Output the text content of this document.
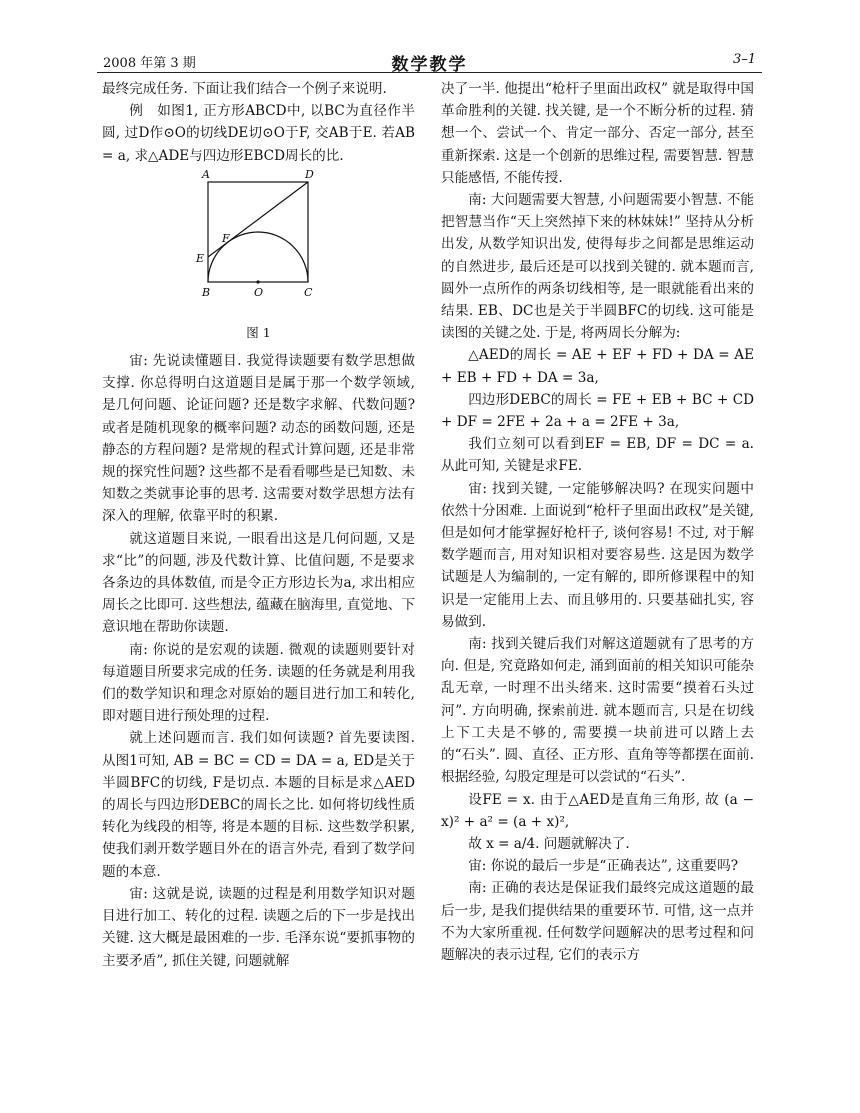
2008 年第 3 期	数学教学	3–1

最终完成任务. 下面让我们结合一个例子来说明.

例　如图1, 正方形ABCD中, 以BC为直径作半圆, 过D作⊙O的切线DE切⊙O于F, 交AB于E. 若AB = a, 求△ADE与四边形EBCD周长的比.

A	D
F
E
B	O	C
图 1

宙: 先说读懂题目. 我觉得读题要有数学思想做支撑. 你总得明白这道题目是属于那一个数学领域, 是几何问题、论证问题? 还是数字求解、代数问题? 或者是随机现象的概率问题? 动态的函数问题, 还是静态的方程问题? 是常规的程式计算问题, 还是非常规的探究性问题? 这些都不是看看哪些是已知数、未知数之类就事论事的思考. 这需要对数学思想方法有深入的理解, 依靠平时的积累.

就这道题目来说, 一眼看出这是几何问题, 又是求“比”的问题, 涉及代数计算、比值问题, 不是要求各条边的具体数值, 而是令正方形边长为a, 求出相应周长之比即可. 这些想法, 蕴藏在脑海里, 直觉地、下意识地在帮助你读题.

南: 你说的是宏观的读题. 微观的读题则要针对每道题目所要求完成的任务. 读题的任务就是利用我们的数学知识和理念对原始的题目进行加工和转化, 即对题目进行预处理的过程.

就上述问题而言. 我们如何读题? 首先要读图. 从图1可知, AB = BC = CD = DA = a, ED是关于半圆BFC的切线, F是切点. 本题的目标是求△AED的周长与四边形DEBC的周长之比. 如何将切线性质转化为线段的相等, 将是本题的目标. 这些数学积累, 使我们剥开数学题目外在的语言外壳, 看到了数学问题的本意.

宙: 这就是说, 读题的过程是利用数学知识对题目进行加工、转化的过程. 读题之后的下一步是找出关键. 这大概是最困难的一步. 毛泽东说“要抓事物的主要矛盾”, 抓住关键, 问题就解

决了一半. 他提出“枪杆子里面出政权” 就是取得中国革命胜利的关键. 找关键, 是一个不断分析的过程. 猜想一个、尝试一个、肯定一部分、否定一部分, 甚至重新探索. 这是一个创新的思维过程, 需要智慧. 智慧只能感悟, 不能传授.

南: 大问题需要大智慧, 小问题需要小智慧. 不能把智慧当作“天上突然掉下来的林妹妹!” 坚持从分析出发, 从数学知识出发, 使得每步之间都是思维运动的自然进步, 最后还是可以找到关键的. 就本题而言, 圆外一点所作的两条切线相等, 是一眼就能看出来的结果. EB、DC也是关于半圆BFC的切线. 这可能是读图的关键之处. 于是, 将两周长分解为:

△AED的周长 = AE + EF + FD + DA = AE + EB + FD + DA = 3a,

四边形DEBC的周长 = FE + EB + BC + CD + DF = 2FE + 2a + a = 2FE + 3a,

我们立刻可以看到EF = EB, DF = DC = a. 从此可知, 关键是求FE.

宙: 找到关键, 一定能够解决吗? 在现实问题中依然十分困难. 上面说到“枪杆子里面出政权”是关键, 但是如何才能掌握好枪杆子, 谈何容易! 不过, 对于解数学题而言, 用对知识相对要容易些. 这是因为数学试题是人为编制的, 一定有解的, 即所修课程中的知识是一定能用上去、而且够用的. 只要基础扎实, 容易做到.

南: 找到关键后我们对解这道题就有了思考的方向. 但是, 究竟路如何走, 涌到面前的相关知识可能杂乱无章, 一时理不出头绪来. 这时需要“摸着石头过河”. 方向明确, 探索前进. 就本题而言, 只是在切线上下工夫是不够的, 需要摸一块前进可以踏上去的“石头”. 圆、直径、正方形、直角等等都摆在面前. 根据经验, 勾股定理是可以尝试的“石头”.

设FE = x. 由于△AED是直角三角形, 故 (a − x)² + a² = (a + x)²,

故 x = a/4. 问题就解决了.

宙: 你说的最后一步是“正确表达”, 这重要吗?

南: 正确的表达是保证我们最终完成这道题的最后一步, 是我们提供结果的重要环节. 可惜, 这一点并不为大家所重视. 任何数学问题解决的思考过程和问题解决的表示过程, 它们的表示方
